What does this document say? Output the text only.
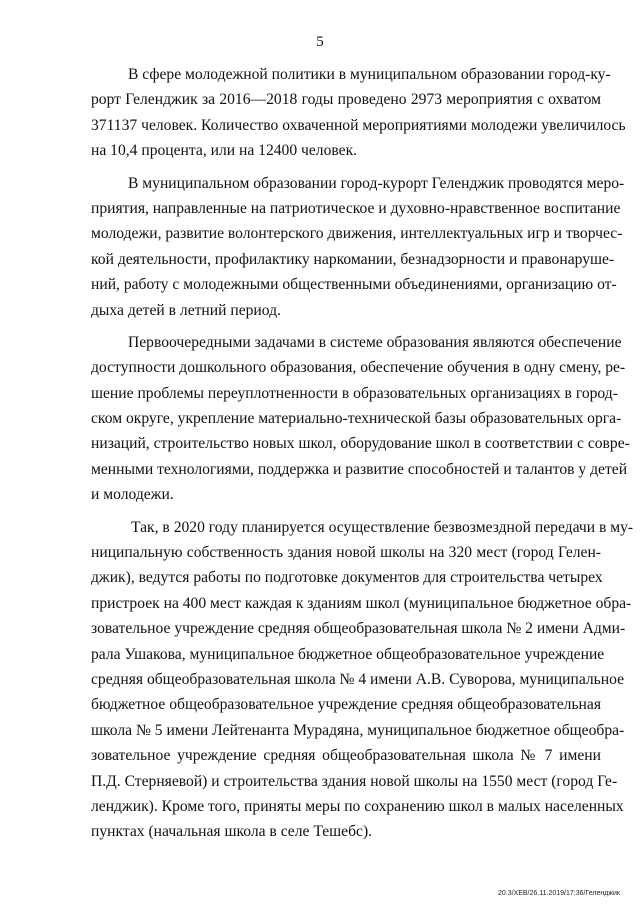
5
В сфере молодежной политики в муниципальном образовании город-ку-
рорт Геленджик за 2016—2018 годы проведено 2973 мероприятия с охватом
371137 человек. Количество охваченной мероприятиями молодежи увеличилось
на 10,4 процента, или на 12400 человек.
В муниципальном образовании город-курорт Геленджик проводятся меро-
приятия, направленные на патриотическое и духовно-нравственное воспитание
молодежи, развитие волонтерского движения, интеллектуальных игр и творчес-
кой деятельности, профилактику наркомании, безнадзорности и правонаруше-
ний, работу с молодежными общественными объединениями, организацию от-
дыха детей в летний период.
Первоочередными задачами в системе образования являются обеспечение
доступности дошкольного образования, обеспечение обучения в одну смену, ре-
шение проблемы переуплотненности в образовательных организациях в город-
ском округе, укрепление материально-технической базы образовательных орга-
низаций, строительство новых школ, оборудование школ в соответствии с совре-
менными технологиями, поддержка и развитие способностей и талантов у детей
и молодежи.
Так, в 2020 году планируется осуществление безвозмездной передачи в му-
ниципальную собственность здания новой школы на 320 мест (город Гелен-
джик), ведутся работы по подготовке документов для строительства четырех
пристроек на 400 мест каждая к зданиям школ (муниципальное бюджетное обра-
зовательное учреждение средняя общеобразовательная школа № 2 имени Адми-
рала Ушакова, муниципальное бюджетное общеобразовательное учреждение
средняя общеобразовательная школа № 4 имени А.В. Суворова, муниципальное
бюджетное общеобразовательное учреждение средняя общеобразовательная
школа № 5 имени Лейтенанта Мурадяна, муниципальное бюджетное общеобра-
зовательное учреждение средняя общеобразовательная школа № 7 имени
П.Д. Стерняевой) и строительства здания новой школы на 1550 мест (город Ге-
ленджик). Кроме того, приняты меры по сохранению школ в малых населенных
пунктах (начальная школа в селе Тешебс).
20.3/ХЕВ/26.11.2019/17:36/Геленджик
